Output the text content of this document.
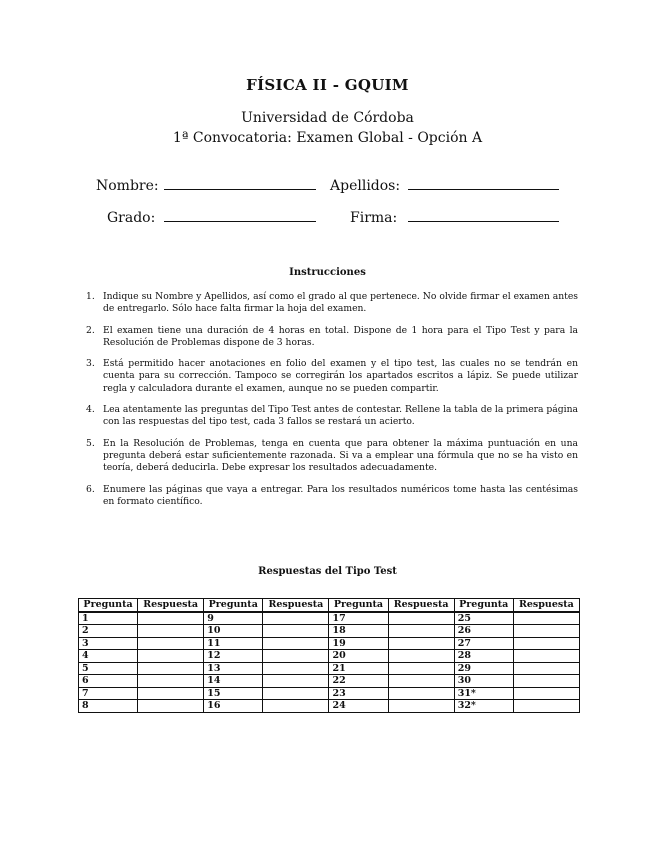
FÍSICA II - GQUIM
Universidad de Córdoba
1ª Convocatoria: Examen Global - Opción A
Nombre:	Apellidos:
Grado:	Firma:
Instrucciones
1. Indique su Nombre y Apellidos, así como el grado al que pertenece. No olvide firmar el examen antes de entregarlo. Sólo hace falta firmar la hoja del examen.
2. El examen tiene una duración de 4 horas en total. Dispone de 1 hora para el Tipo Test y para la Resolución de Problemas dispone de 3 horas.
3. Está permitido hacer anotaciones en folio del examen y el tipo test, las cuales no se tendrán en cuenta para su corrección. Tampoco se corregirán los apartados escritos a lápiz. Se puede utilizar regla y calculadora durante el examen, aunque no se pueden compartir.
4. Lea atentamente las preguntas del Tipo Test antes de contestar. Rellene la tabla de la primera página con las respuestas del tipo test, cada 3 fallos se restará un acierto.
5. En la Resolución de Problemas, tenga en cuenta que para obtener la máxima puntuación en una pregunta deberá estar suficientemente razonada. Si va a emplear una fórmula que no se ha visto en teoría, deberá deducirla. Debe expresar los resultados adecuadamente.
6. Enumere las páginas que vaya a entregar. Para los resultados numéricos tome hasta las centésimas en formato científico.
Respuestas del Tipo Test
Pregunta	Respuesta	Pregunta	Respuesta	Pregunta	Respuesta	Pregunta	Respuesta
1		9		17		25	
2		10		18		26	
3		11		19		27	
4		12		20		28	
5		13		21		29	
6		14		22		30	
7		15		23		31*	
8		16		24		32*	
